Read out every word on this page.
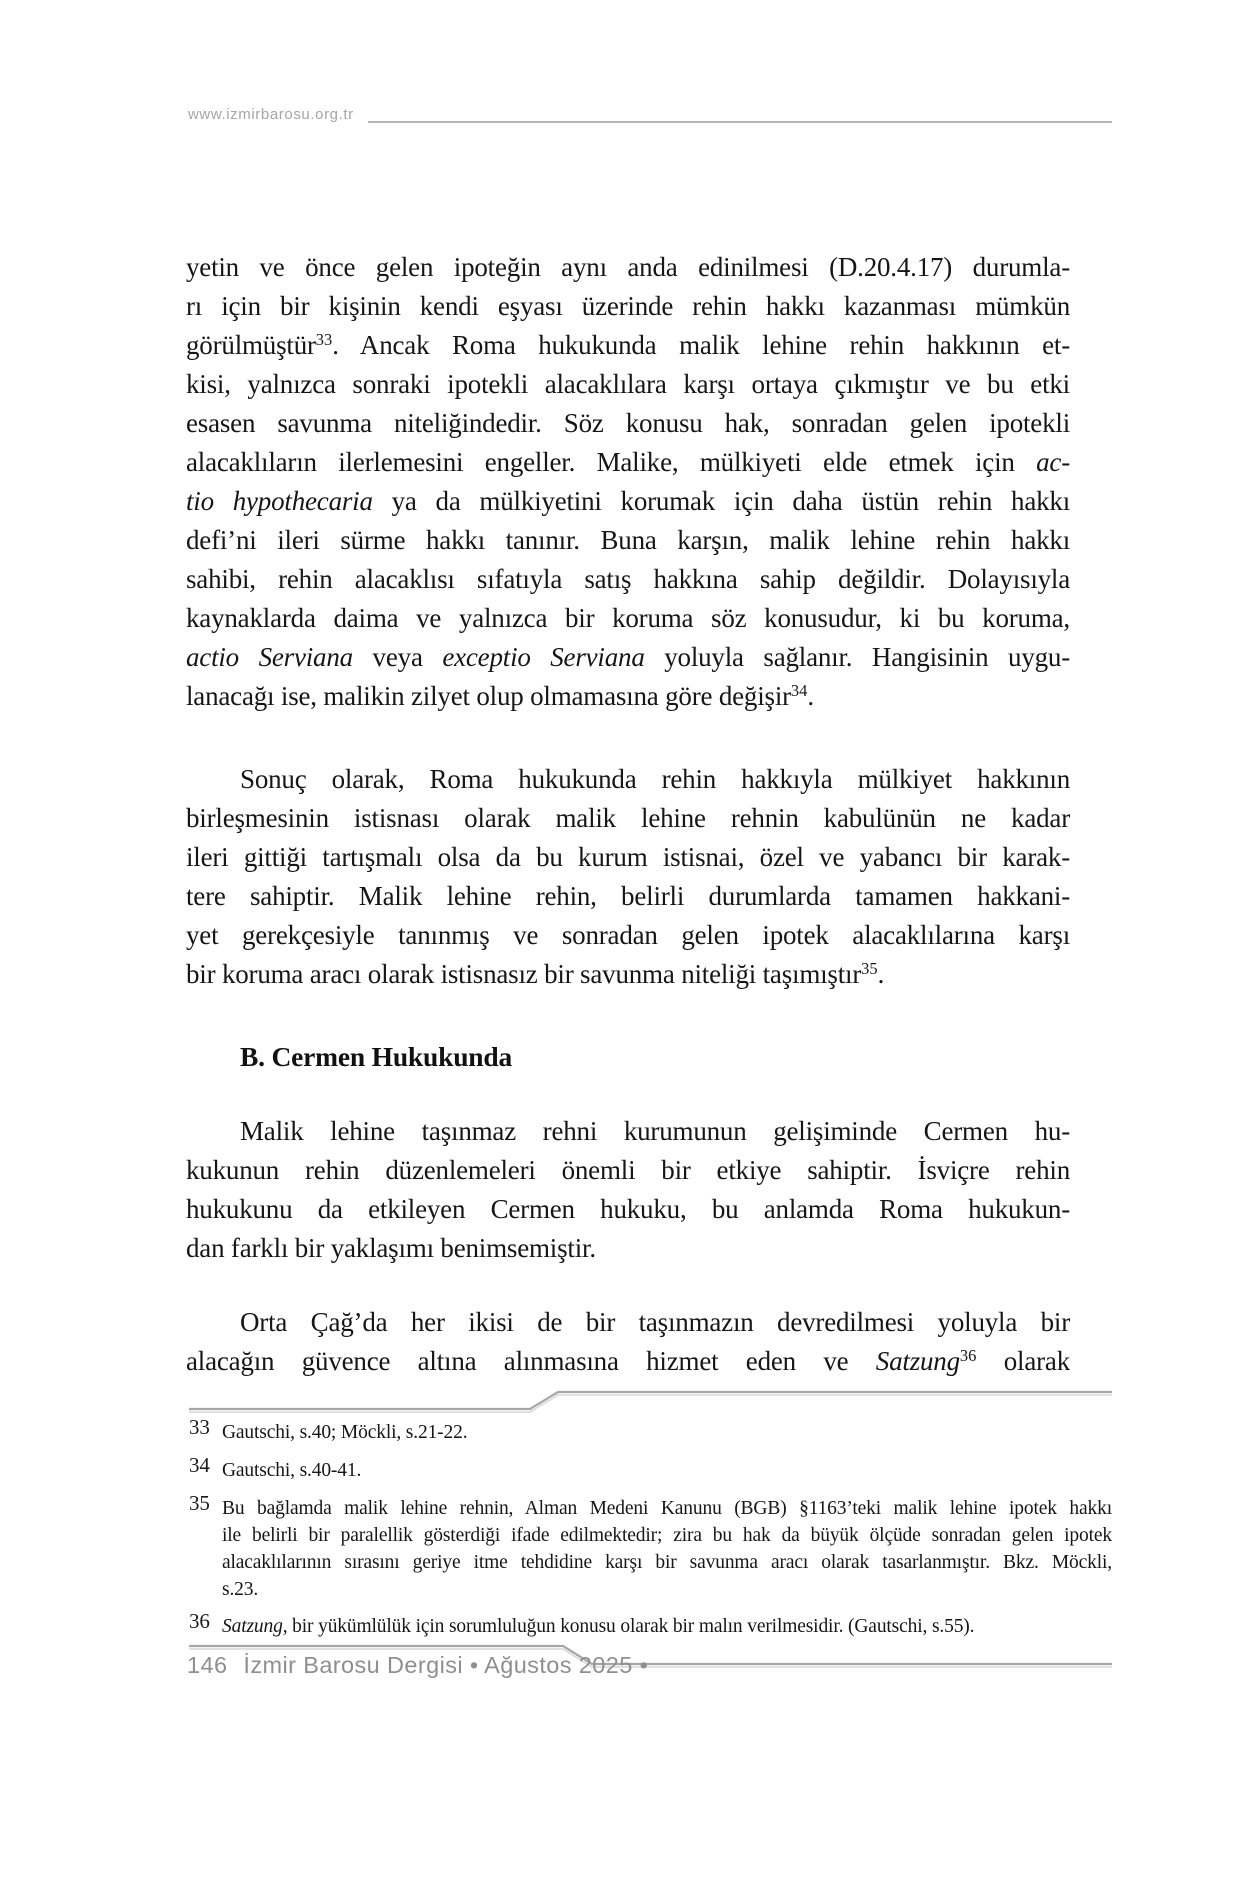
www.izmirbarosu.org.tr
yetin ve önce gelen ipoteğin aynı anda edinilmesi (D.20.4.17) durumla-
rı için bir kişinin kendi eşyası üzerinde rehin hakkı kazanması mümkün
görülmüştür$^{33}$. Ancak Roma hukukunda malik lehine rehin hakkının et-
kisi, yalnızca sonraki ipotekli alacaklılara karşı ortaya çıkmıştır ve bu etki
esasen savunma niteliğindedir. Söz konusu hak, sonradan gelen ipotekli
alacaklıların ilerlemesini engeller. Malike, mülkiyeti elde etmek için ac-
tio hypothecaria ya da mülkiyetini korumak için daha üstün rehin hakkı
defi’ni ileri sürme hakkı tanınır. Buna karşın, malik lehine rehin hakkı
sahibi, rehin alacaklısı sıfatıyla satış hakkına sahip değildir. Dolayısıyla
kaynaklarda daima ve yalnızca bir koruma söz konusudur, ki bu koruma,
actio Serviana veya exceptio Serviana yoluyla sağlanır. Hangisinin uygu-
lanacağı ise, malikin zilyet olup olmamasına göre değişir$^{34}$.
Sonuç olarak, Roma hukukunda rehin hakkıyla mülkiyet hakkının
birleşmesinin istisnası olarak malik lehine rehnin kabulünün ne kadar
ileri gittiği tartışmalı olsa da bu kurum istisnai, özel ve yabancı bir karak-
tere sahiptir. Malik lehine rehin, belirli durumlarda tamamen hakkani-
yet gerekçesiyle tanınmış ve sonradan gelen ipotek alacaklılarına karşı
bir koruma aracı olarak istisnasız bir savunma niteliği taşımıştır$^{35}$.
B. Cermen Hukukunda
Malik lehine taşınmaz rehni kurumunun gelişiminde Cermen hu-
kukunun rehin düzenlemeleri önemli bir etkiye sahiptir. İsviçre rehin
hukukunu da etkileyen Cermen hukuku, bu anlamda Roma hukukun-
dan farklı bir yaklaşımı benimsemiştir.
Orta Çağ’da her ikisi de bir taşınmazın devredilmesi yoluyla bir
alacağın güvence altına alınmasına hizmet eden ve Satzung$^{36}$ olarak
33 Gautschi, s.40; Möckli, s.21-22.
34 Gautschi, s.40-41.
35 Bu bağlamda malik lehine rehnin, Alman Medeni Kanunu (BGB) §1163’teki malik lehine ipotek hakkı
ile belirli bir paralellik gösterdiği ifade edilmektedir; zira bu hak da büyük ölçüde sonradan gelen ipotek
alacaklılarının sırasını geriye itme tehdidine karşı bir savunma aracı olarak tasarlanmıştır. Bkz. Möckli,
s.23.
36 Satzung, bir yükümlülük için sorumluluğun konusu olarak bir malın verilmesidir. (Gautschi, s.55).
146 İzmir Barosu Dergisi • Ağustos 2025 •
